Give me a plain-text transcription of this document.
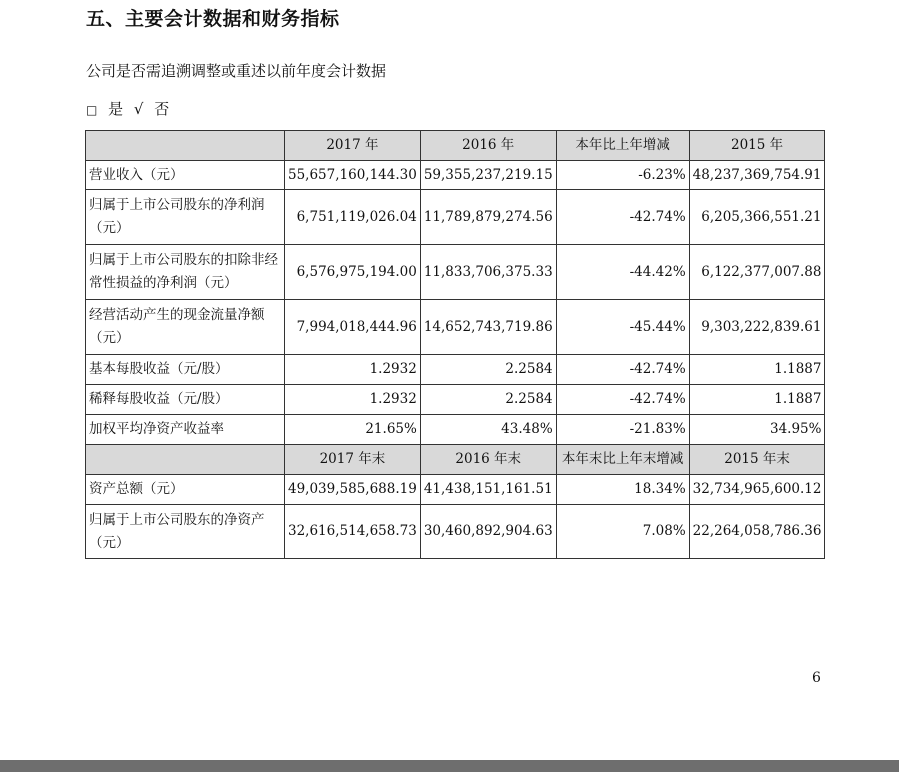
五、主要会计数据和财务指标
公司是否需追溯调整或重述以前年度会计数据
□ 是 √ 否
	2017 年	2016 年	本年比上年增减	2015 年
营业收入（元）	55,657,160,144.30	59,355,237,219.15	-6.23%	48,237,369,754.91
归属于上市公司股东的净利润（元）	6,751,119,026.04	11,789,879,274.56	-42.74%	6,205,366,551.21
归属于上市公司股东的扣除非经常性损益的净利润（元）	6,576,975,194.00	11,833,706,375.33	-44.42%	6,122,377,007.88
经营活动产生的现金流量净额（元）	7,994,018,444.96	14,652,743,719.86	-45.44%	9,303,222,839.61
基本每股收益（元/股）	1.2932	2.2584	-42.74%	1.1887
稀释每股收益（元/股）	1.2932	2.2584	-42.74%	1.1887
加权平均净资产收益率	21.65%	43.48%	-21.83%	34.95%
	2017 年末	2016 年末	本年末比上年末增减	2015 年末
资产总额（元）	49,039,585,688.19	41,438,151,161.51	18.34%	32,734,965,600.12
归属于上市公司股东的净资产（元）	32,616,514,658.73	30,460,892,904.63	7.08%	22,264,058,786.36
6
